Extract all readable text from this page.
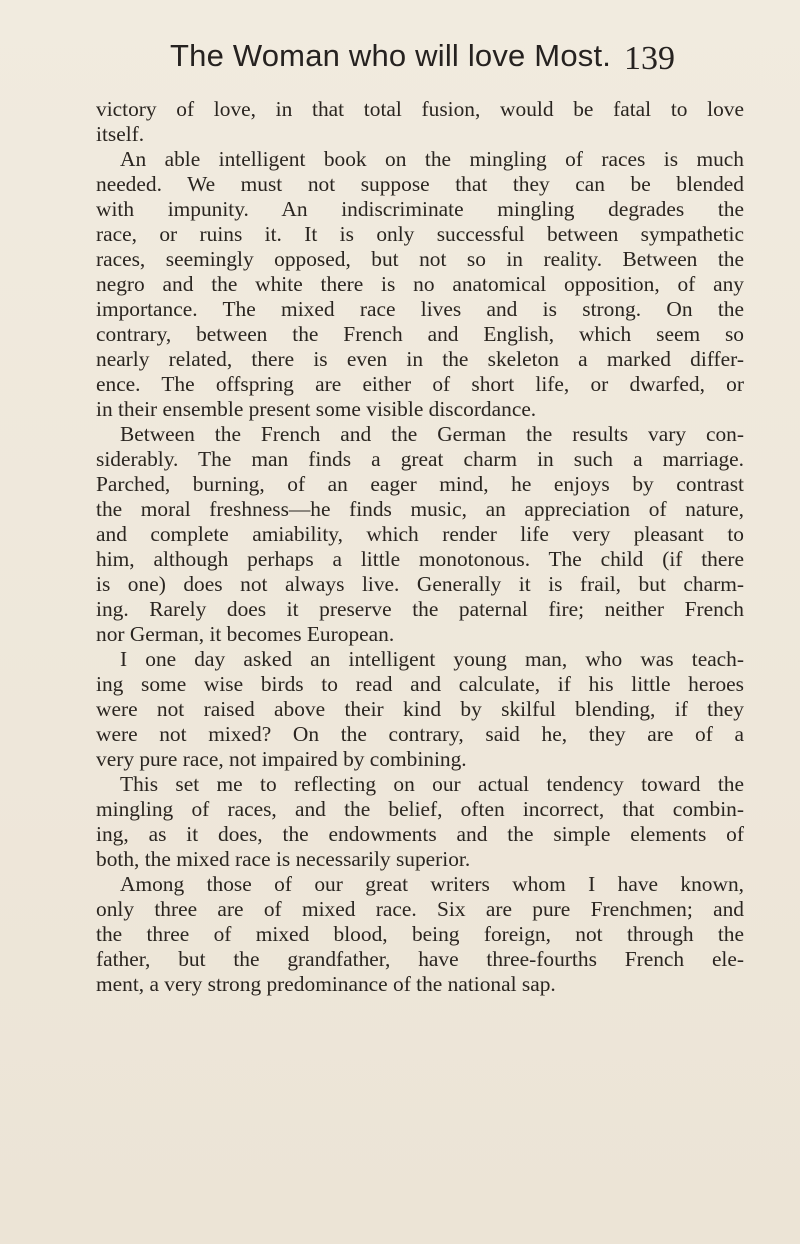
The Woman who will love Most. 139
victory of love, in that total fusion, would be fatal to love
itself.
An able intelligent book on the mingling of races is much
needed. We must not suppose that they can be blended
with impunity. An indiscriminate mingling degrades the
race, or ruins it. It is only successful between sympathetic
races, seemingly opposed, but not so in reality. Between the
negro and the white there is no anatomical opposition, of any
importance. The mixed race lives and is strong. On the
contrary, between the French and English, which seem so
nearly related, there is even in the skeleton a marked differ-
ence. The offspring are either of short life, or dwarfed, or
in their ensemble present some visible discordance.
Between the French and the German the results vary con-
siderably. The man finds a great charm in such a marriage.
Parched, burning, of an eager mind, he enjoys by contrast
the moral freshness—he finds music, an appreciation of nature,
and complete amiability, which render life very pleasant to
him, although perhaps a little monotonous. The child (if there
is one) does not always live. Generally it is frail, but charm-
ing. Rarely does it preserve the paternal fire; neither French
nor German, it becomes European.
I one day asked an intelligent young man, who was teach-
ing some wise birds to read and calculate, if his little heroes
were not raised above their kind by skilful blending, if they
were not mixed? On the contrary, said he, they are of a
very pure race, not impaired by combining.
This set me to reflecting on our actual tendency toward the
mingling of races, and the belief, often incorrect, that combin-
ing, as it does, the endowments and the simple elements of
both, the mixed race is necessarily superior.
Among those of our great writers whom I have known,
only three are of mixed race. Six are pure Frenchmen; and
the three of mixed blood, being foreign, not through the
father, but the grandfather, have three-fourths French ele-
ment, a very strong predominance of the national sap.
